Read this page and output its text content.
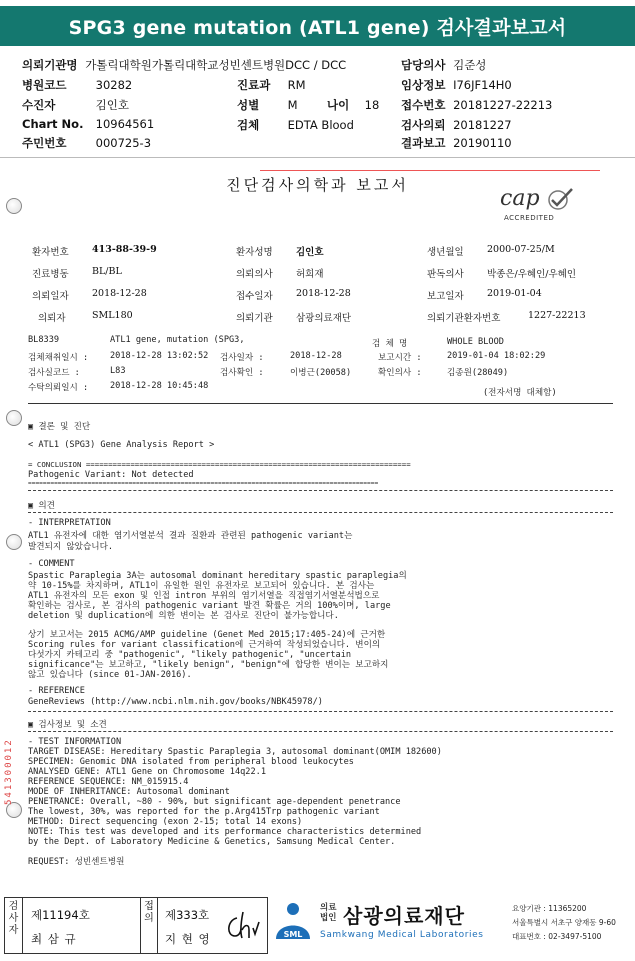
SPG3 gene mutation (ATL1 gene) 검사결과보고서
의뢰기관명 가톨릭대학원가톨릭대학교성빈센트병원DCC / DCC	담당의사 김준성
병원코드	30282	진료과 RM	임상정보 I76JF14H0
수진자	김인호	성별 M	나이 18 접수번호 20181227-22213
Chart No. 10964561	검체 EDTA Blood	검사의뢰 20181227
주민번호	000725-3	결과보고 20190110
진단검사의학과 보고서
cap
ACCREDITED
환자번호 413-88-39-9	환자성명 김인호	생년월일 2000-07-25/M
진료병동 BL/BL	의뢰의사 허희재	판독의사 박종은/우혜인/우혜인
의뢰일자 2018-12-28	접수일자 2018-12-28	보고일자 2019-01-04
의뢰자	SML180	의뢰기관 삼광의료재단	의뢰기관환자번호	1227-22213
BL8339	ATL1 gene, mutation (SPG3,	검 체 명	WHOLE BLOOD
검체채취일시 :	2018-12-28 13:02:52 검사일자 :	2018-12-28	보고시간 :	2019-01-04 18:02:29
검사실코드 :	L83	검사확인 :	이병근(20058)	확인의사 :	김종원(28049)
수탁의뢰일시 :	2018-12-28 10:45:48
(전자서명 대체함)
▣ 결론 및 진단
< ATL1 (SPG3) Gene Analysis Report >
= CONCLUSION =========================================================================
Pathogenic Variant: Not detected
==============================================================================================
▣ 의견
- INTERPRETATION
ATL1 유전자에 대한 염기서열분석 결과 질환과 관련된 pathogenic variant는
발견되지 않았습니다.
- COMMENT
Spastic Paraplegia 3A는 autosomal dominant hereditary spastic paraplegia의
약 10-15%를 차지하며, ATL1이 유일한 원인 유전자로 보고되어 있습니다. 본 검사는
ATL1 유전자의 모든 exon 및 인접 intron 부위의 염기서열을 직접염기서열분석법으로
확인하는 검사로, 본 검사의 pathogenic variant 발견 확률은 거의 100%이며, large
deletion 및 duplication에 의한 변이는 본 검사로 진단이 불가능합니다.
상기 보고서는 2015 ACMG/AMP guideline (Genet Med 2015;17:405-24)에 근거한
Scoring rules for variant classification에 근거하여 작성되었습니다. 변이의
다섯가지 카테고리 중 "pathogenic", "likely pathogenic", "uncertain
significance"는 보고하고, "likely benign", "benign"에 합당한 변이는 보고하지
않고 있습니다 (since 01-JAN-2016).
- REFERENCE
GeneReviews (http://www.ncbi.nlm.nih.gov/books/NBK45978/)
▣ 검사정보 및 소견
- TEST INFORMATION
TARGET DISEASE: Hereditary Spastic Paraplegia 3, autosomal dominant(OMIM 182600)
SPECIMEN: Genomic DNA isolated from peripheral blood leukocytes
ANALYSED GENE: ATL1 Gene on Chromosome 14q22.1
REFERENCE SEQUENCE: NM_015915.4
MODE OF INHERITANCE: Autosomal dominant
PENETRANCE: Overall, ~80 - 90%, but significant age-dependent penetrance
The lowest, 30%, was reported for the p.Arg415Trp pathogenic variant
METHOD: Direct sequencing (exon 2-15; total 14 exons)
NOTE: This test was developed and its performance characteristics determined
by the Dept. of Laboratory Medicine & Genetics, Samsung Medical Center.
REQUEST: 성빈센트병원
541300012
검사자
제11194호
최 삼 규
접의 제333호
지 현 영	SML
의료
법인 삼광의료재단
Samkwang Medical Laboratories
요양기관 : 11365200
서울특별시 서초구 양재동 9-60
대표번호 : 02-3497-5100
